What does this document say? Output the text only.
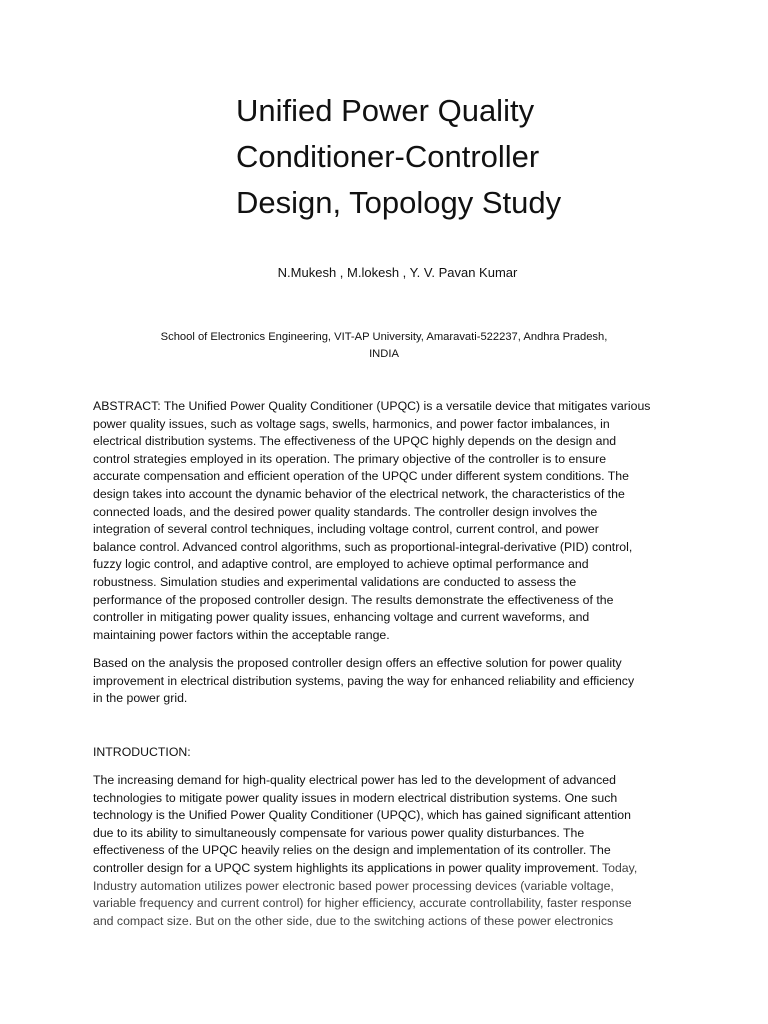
Unified Power Quality
Conditioner-Controller
Design, Topology Study
N.Mukesh , M.lokesh , Y. V. Pavan Kumar
School of Electronics Engineering, VIT-AP University, Amaravati-522237, Andhra Pradesh,
INDIA
ABSTRACT: The Unified Power Quality Conditioner (UPQC) is a versatile device that mitigates various
power quality issues, such as voltage sags, swells, harmonics, and power factor imbalances, in
electrical distribution systems. The effectiveness of the UPQC highly depends on the design and
control strategies employed in its operation. The primary objective of the controller is to ensure
accurate compensation and efficient operation of the UPQC under different system conditions. The
design takes into account the dynamic behavior of the electrical network, the characteristics of the
connected loads, and the desired power quality standards. The controller design involves the
integration of several control techniques, including voltage control, current control, and power
balance control. Advanced control algorithms, such as proportional-integral-derivative (PID) control,
fuzzy logic control, and adaptive control, are employed to achieve optimal performance and
robustness. Simulation studies and experimental validations are conducted to assess the
performance of the proposed controller design. The results demonstrate the effectiveness of the
controller in mitigating power quality issues, enhancing voltage and current waveforms, and
maintaining power factors within the acceptable range.
Based on the analysis the proposed controller design offers an effective solution for power quality
improvement in electrical distribution systems, paving the way for enhanced reliability and efficiency
in the power grid.
INTRODUCTION:
The increasing demand for high-quality electrical power has led to the development of advanced
technologies to mitigate power quality issues in modern electrical distribution systems. One such
technology is the Unified Power Quality Conditioner (UPQC), which has gained significant attention
due to its ability to simultaneously compensate for various power quality disturbances. The
effectiveness of the UPQC heavily relies on the design and implementation of its controller. The
controller design for a UPQC system highlights its applications in power quality improvement. Today,
Industry automation utilizes power electronic based power processing devices (variable voltage,
variable frequency and current control) for higher efficiency, accurate controllability, faster response
and compact size. But on the other side, due to the switching actions of these power electronics
